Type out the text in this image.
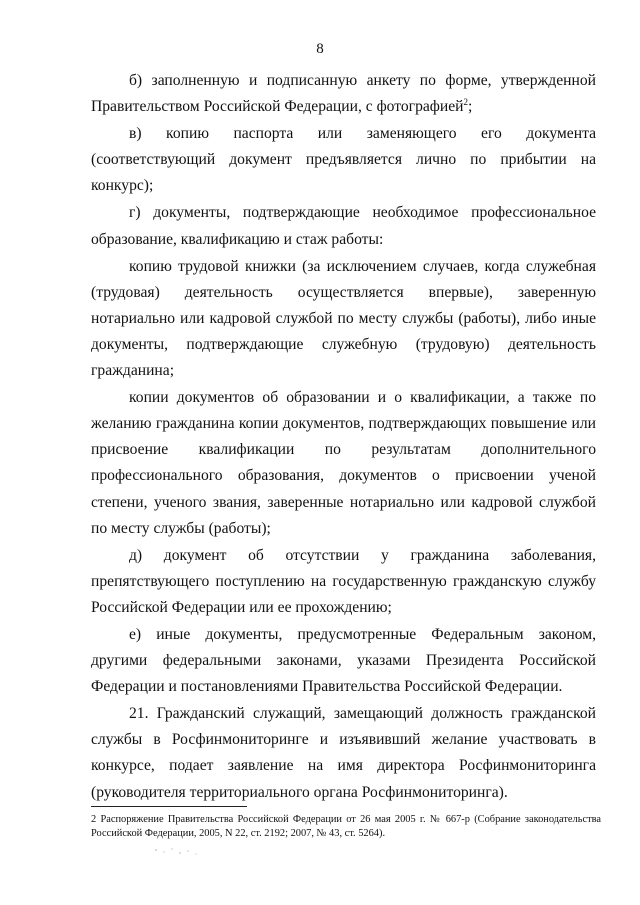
8

б) заполненную и подписанную анкету по форме, утвержденной Правительством Российской Федерации, с фотографией$^2$;

в) копию паспорта или заменяющего его документа (соответствующий документ предъявляется лично по прибытии на конкурс);

г) документы, подтверждающие необходимое профессиональное образование, квалификацию и стаж работы:

копию трудовой книжки (за исключением случаев, когда служебная (трудовая) деятельность осуществляется впервые), заверенную нотариально или кадровой службой по месту службы (работы), либо иные документы, подтверждающие служебную (трудовую) деятельность гражданина;

копии документов об образовании и о квалификации, а также по желанию гражданина копии документов, подтверждающих повышение или присвоение квалификации по результатам дополнительного профессионального образования, документов о присвоении ученой степени, ученого звания, заверенные нотариально или кадровой службой по месту службы (работы);

д) документ об отсутствии у гражданина заболевания, препятствующего поступлению на государственную гражданскую службу Российской Федерации или ее прохождению;

е) иные документы, предусмотренные Федеральным законом, другими федеральными законами, указами Президента Российской Федерации и постановлениями Правительства Российской Федерации.

21. Гражданский служащий, замещающий должность гражданской службы в Росфинмониторинге и изъявивший желание участвовать в конкурсе, подает заявление на имя директора Росфинмониторинга (руководителя территориального органа Росфинмониторинга).

2 Распоряжение Правительства Российской Федерации от 26 мая 2005 г. № 667-р (Собрание законодательства Российской Федерации, 2005, N 22, ст. 2192; 2007, № 43, ст. 5264).
